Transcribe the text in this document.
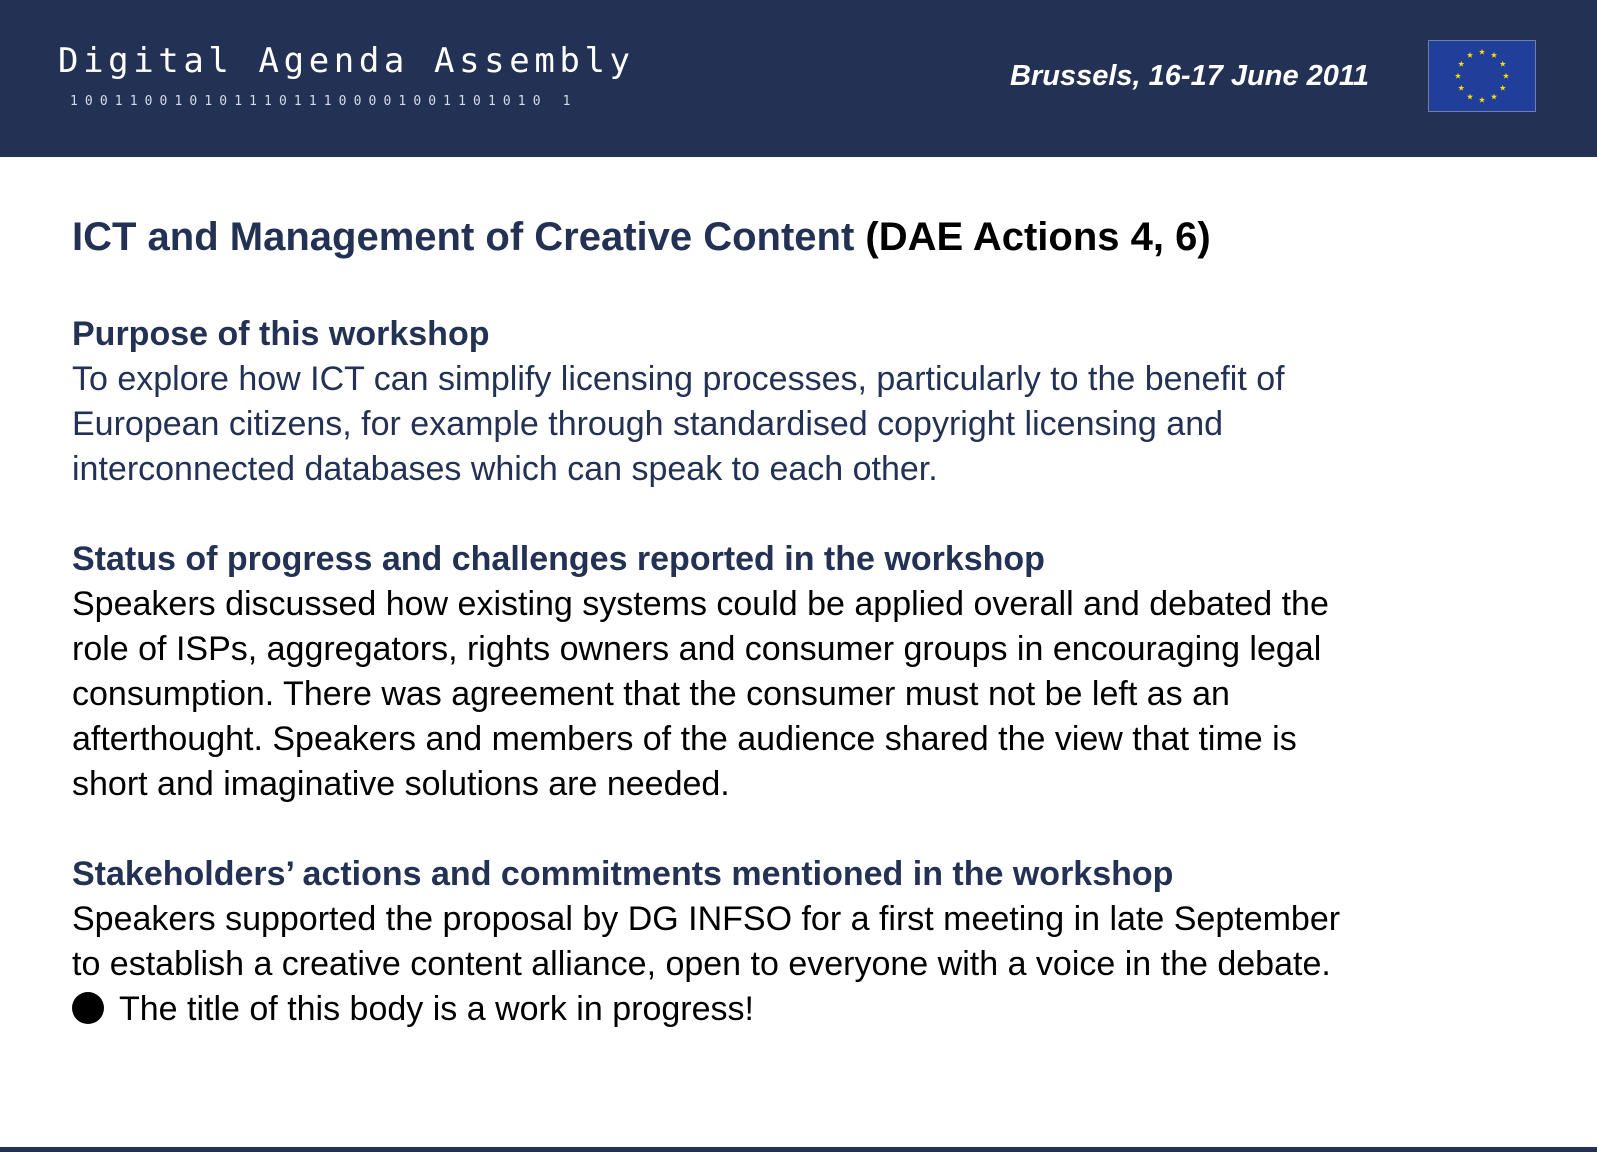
Digital Agenda Assembly
10011001010111011100001001101010 1
Brussels, 16-17 June 2011
ICT and Management of Creative Content (DAE Actions 4, 6)
Purpose of this workshop
To explore how ICT can simplify licensing processes, particularly to the benefit of
European citizens, for example through standardised copyright licensing and
interconnected databases which can speak to each other.
Status of progress and challenges reported in the workshop
Speakers discussed how existing systems could be applied overall and debated the
role of ISPs, aggregators, rights owners and consumer groups in encouraging legal
consumption. There was agreement that the consumer must not be left as an
afterthought. Speakers and members of the audience shared the view that time is
short and imaginative solutions are needed.
Stakeholders’ actions and commitments mentioned in the workshop
Speakers supported the proposal by DG INFSO for a first meeting in late September
to establish a creative content alliance, open to everyone with a voice in the debate.
The title of this body is a work in progress!
